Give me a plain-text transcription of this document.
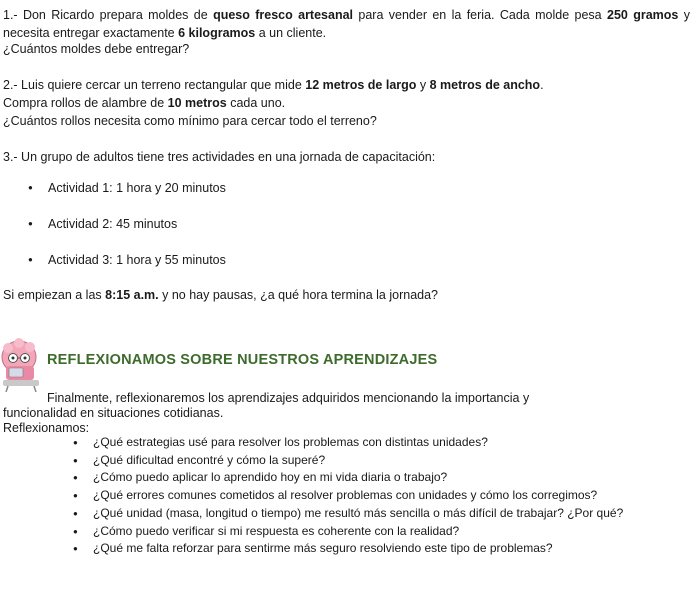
1.- Don Ricardo prepara moldes de queso fresco artesanal para vender en la feria. Cada molde pesa 250 gramos y necesita entregar exactamente 6 kilogramos a un cliente.
¿Cuántos moldes debe entregar?
2.- Luis quiere cercar un terreno rectangular que mide 12 metros de largo y 8 metros de ancho.
Compra rollos de alambre de 10 metros cada uno.
¿Cuántos rollos necesita como mínimo para cercar todo el terreno?
3.- Un grupo de adultos tiene tres actividades en una jornada de capacitación:
● Actividad 1: 1 hora y 20 minutos
● Actividad 2: 45 minutos
● Actividad 3: 1 hora y 55 minutos
Si empiezan a las 8:15 a.m. y no hay pausas, ¿a qué hora termina la jornada?
REFLEXIONAMOS SOBRE NUESTROS APRENDIZAJES
Finalmente, reflexionaremos los aprendizajes adquiridos mencionando la importancia y
funcionalidad en situaciones cotidianas.
Reflexionamos:
● ¿Qué estrategias usé para resolver los problemas con distintas unidades?
● ¿Qué dificultad encontré y cómo la superé?
● ¿Cómo puedo aplicar lo aprendido hoy en mi vida diaria o trabajo?
● ¿Qué errores comunes cometidos al resolver problemas con unidades y cómo los corregimos?
● ¿Qué unidad (masa, longitud o tiempo) me resultó más sencilla o más difícil de trabajar? ¿Por qué?
● ¿Cómo puedo verificar si mi respuesta es coherente con la realidad?
● ¿Qué me falta reforzar para sentirme más seguro resolviendo este tipo de problemas?
